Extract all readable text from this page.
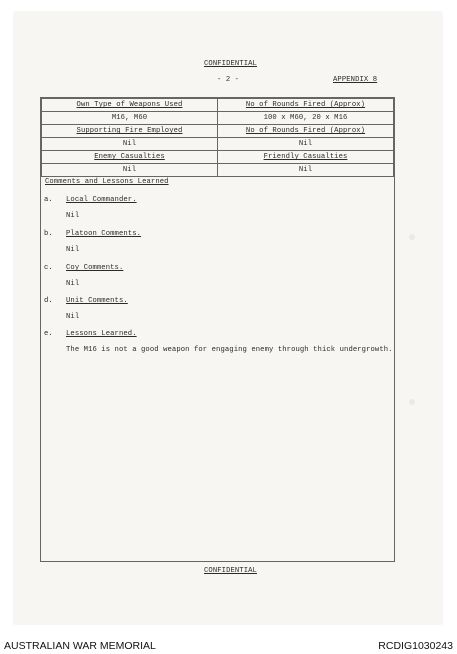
CONFIDENTIAL
- 2 -	APPENDIX 8
Own Type of Weapons Used	No of Rounds Fired (Approx)
M16, M60	100 x M60, 20 x M16
Supporting Fire Employed	No of Rounds Fired (Approx)
Nil	Nil
Enemy Casualties	Friendly Casualties
Nil	Nil
Comments and Lessons Learned
a. Local Commander.
Nil
b. Platoon Comments.
Nil
c. Coy Comments.
Nil
d. Unit Comments.
Nil
e. Lessons Learned.
The M16 is not a good weapon for engaging enemy through thick undergrowth.
CONFIDENTIAL
AUSTRALIAN WAR MEMORIAL	RCDIG1030243
